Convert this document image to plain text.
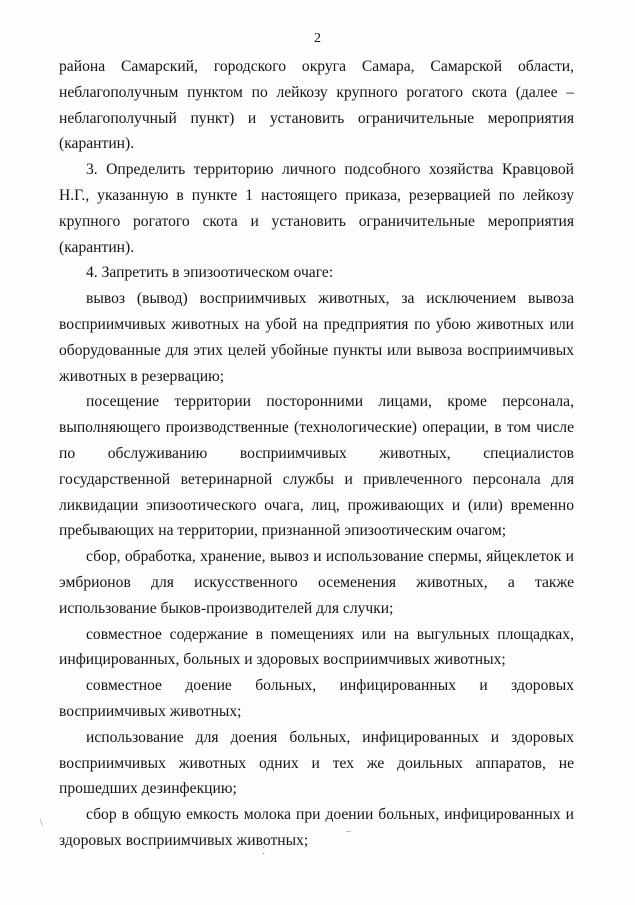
2

района Самарский, городского округа Самара, Самарской области, неблагополучным пунктом по лейкозу крупного рогатого скота (далее – неблагополучный пункт) и установить ограничительные мероприятия (карантин).

3. Определить территорию личного подсобного хозяйства Кравцовой Н.Г., указанную в пункте 1 настоящего приказа, резервацией по лейкозу крупного рогатого скота и установить ограничительные мероприятия (карантин).

4. Запретить в эпизоотическом очаге:

вывоз (вывод) восприимчивых животных, за исключением вывоза восприимчивых животных на убой на предприятия по убою животных или оборудованные для этих целей убойные пункты или вывоза восприимчивых животных в резервацию;

посещение территории посторонними лицами, кроме персонала, выполняющего производственные (технологические) операции, в том числе по обслуживанию восприимчивых животных, специалистов государственной ветеринарной службы и привлеченного персонала для ликвидации эпизоотического очага, лиц, проживающих и (или) временно пребывающих на территории, признанной эпизоотическим очагом;

сбор, обработка, хранение, вывоз и использование спермы, яйцеклеток и эмбрионов для искусственного осеменения животных, а также использование быков-производителей для случки;

совместное содержание в помещениях или на выгульных площадках, инфицированных, больных и здоровых восприимчивых животных;

совместное доение больных, инфицированных и здоровых восприимчивых животных;

использование для доения больных, инфицированных и здоровых восприимчивых животных одних и тех же доильных аппаратов, не прошедших дезинфекцию;

сбор в общую емкость молока при доении больных, инфицированных и здоровых восприимчивых животных;

\
⁚
–
